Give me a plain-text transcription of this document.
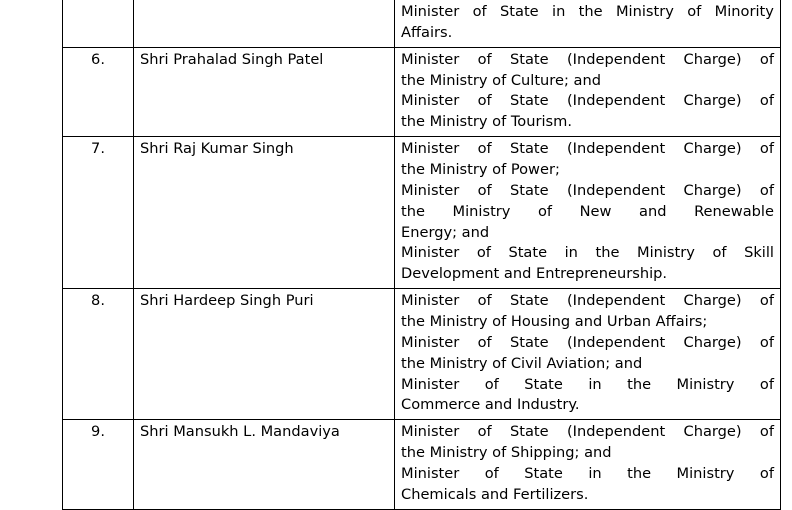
Minister of State in the Ministry of Minority
Affairs.

6.	Shri Prahalad Singh Patel	Minister of State (Independent Charge) of
the Ministry of Culture; and
Minister of State (Independent Charge) of
the Ministry of Tourism.

7.	Shri Raj Kumar Singh	Minister of State (Independent Charge) of
the Ministry of Power;
Minister of State (Independent Charge) of
the Ministry of New and Renewable
Energy; and
Minister of State in the Ministry of Skill
Development and Entrepreneurship.

8.	Shri Hardeep Singh Puri	Minister of State (Independent Charge) of
the Ministry of Housing and Urban Affairs;
Minister of State (Independent Charge) of
the Ministry of Civil Aviation; and
Minister of State in the Ministry of
Commerce and Industry.

9.	Shri Mansukh L. Mandaviya	Minister of State (Independent Charge) of
the Ministry of Shipping; and
Minister of State in the Ministry of
Chemicals and Fertilizers.
